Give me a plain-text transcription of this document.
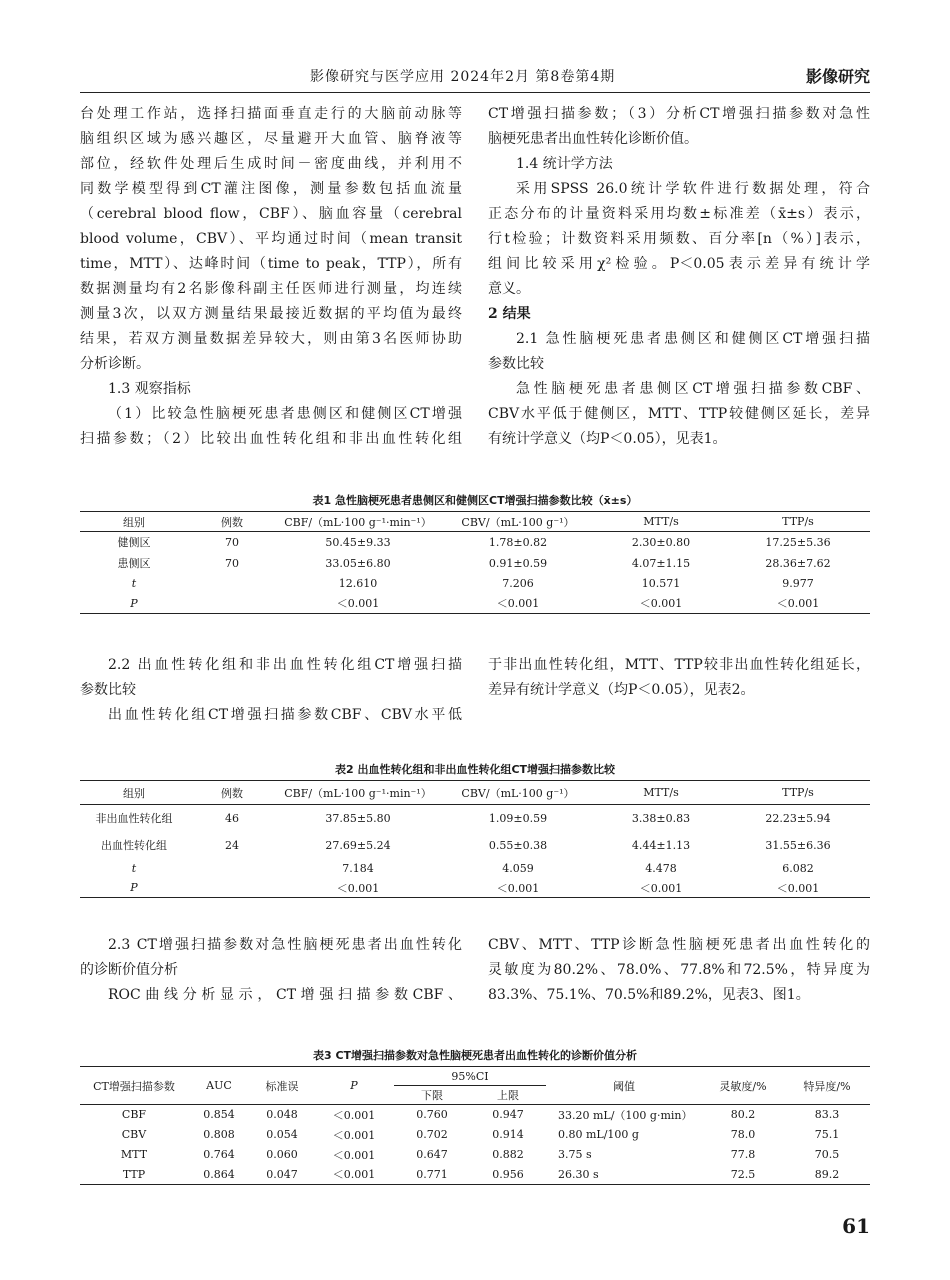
影像研究与医学应用 2024年2月 第8卷第4期	影像研究

台处理工作站，选择扫描面垂直走行的大脑前动脉等

脑组织区域为感兴趣区，尽量避开大血管、脑脊液等

部位，经软件处理后生成时间－密度曲线，并利用不

同数学模型得到CT灌注图像，测量参数包括血流量

（cerebral blood flow，CBF）、脑血容量（cerebral

blood volume，CBV）、平均通过时间（mean transit

time，MTT）、达峰时间（time to peak，TTP），所有

数据测量均有2名影像科副主任医师进行测量，均连续

测量3次，以双方测量结果最接近数据的平均值为最终

结果，若双方测量数据差异较大，则由第3名医师协助

分析诊断。

1.3 观察指标

（1）比较急性脑梗死患者患侧区和健侧区CT增强

扫描参数；（2）比较出血性转化组和非出血性转化组

CT增强扫描参数；（3）分析CT增强扫描参数对急性

脑梗死患者出血性转化诊断价值。

1.4 统计学方法

采用SPSS 26.0统计学软件进行数据处理，符合

正态分布的计量资料采用均数±标准差（x̄±s）表示，

行t检验；计数资料采用频数、百分率[n（%）]表示，

组间比较采用χ²检验。P＜0.05表示差异有统计学

意义。

2 结果

2.1 急性脑梗死患者患侧区和健侧区CT增强扫描

参数比较

急性脑梗死患者患侧区CT增强扫描参数CBF、

CBV水平低于健侧区，MTT、TTP较健侧区延长，差异

有统计学意义（均P＜0.05），见表1。

表1 急性脑梗死患者患侧区和健侧区CT增强扫描参数比较（x̄±s）
组别	例数	CBF/（mL·100 g⁻¹·min⁻¹）	CBV/（mL·100 g⁻¹）	MTT/s	TTP/s
健侧区	70	50.45±9.33	1.78±0.82	2.30±0.80	17.25±5.36
患侧区	70	33.05±6.80	0.91±0.59	4.07±1.15	28.36±7.62
t		12.610	7.206	10.571	9.977
P		＜0.001	＜0.001	＜0.001	＜0.001

2.2 出血性转化组和非出血性转化组CT增强扫描

参数比较

出血性转化组CT增强扫描参数CBF、CBV水平低

于非出血性转化组，MTT、TTP较非出血性转化组延长，

差异有统计学意义（均P＜0.05），见表2。

表2 出血性转化组和非出血性转化组CT增强扫描参数比较
组别	例数	CBF/（mL·100 g⁻¹·min⁻¹）	CBV/（mL·100 g⁻¹）	MTT/s	TTP/s
非出血性转化组	46	37.85±5.80	1.09±0.59	3.38±0.83	22.23±5.94
出血性转化组	24	27.69±5.24	0.55±0.38	4.44±1.13	31.55±6.36
t		7.184	4.059	4.478	6.082
P		＜0.001	＜0.001	＜0.001	＜0.001

2.3 CT增强扫描参数对急性脑梗死患者出血性转化

的诊断价值分析

ROC曲线分析显示，CT增强扫描参数CBF、

CBV、MTT、TTP诊断急性脑梗死患者出血性转化的

灵敏度为80.2%、78.0%、77.8%和72.5%，特异度为

83.3%、75.1%、70.5%和89.2%，见表3、图1。

表3 CT增强扫描参数对急性脑梗死患者出血性转化的诊断价值分析
CT增强扫描参数	AUC	标准误	P	95%CI		阈值	灵敏度/%	特异度/%
				下限	上限			
CBF	0.854	0.048	＜0.001	0.760	0.947	33.20 mL/（100 g·min）	80.2	83.3
CBV	0.808	0.054	＜0.001	0.702	0.914	0.80 mL/100 g	78.0	75.1
MTT	0.764	0.060	＜0.001	0.647	0.882	3.75 s	77.8	70.5
TTP	0.864	0.047	＜0.001	0.771	0.956	26.30 s	72.5	89.2
61
